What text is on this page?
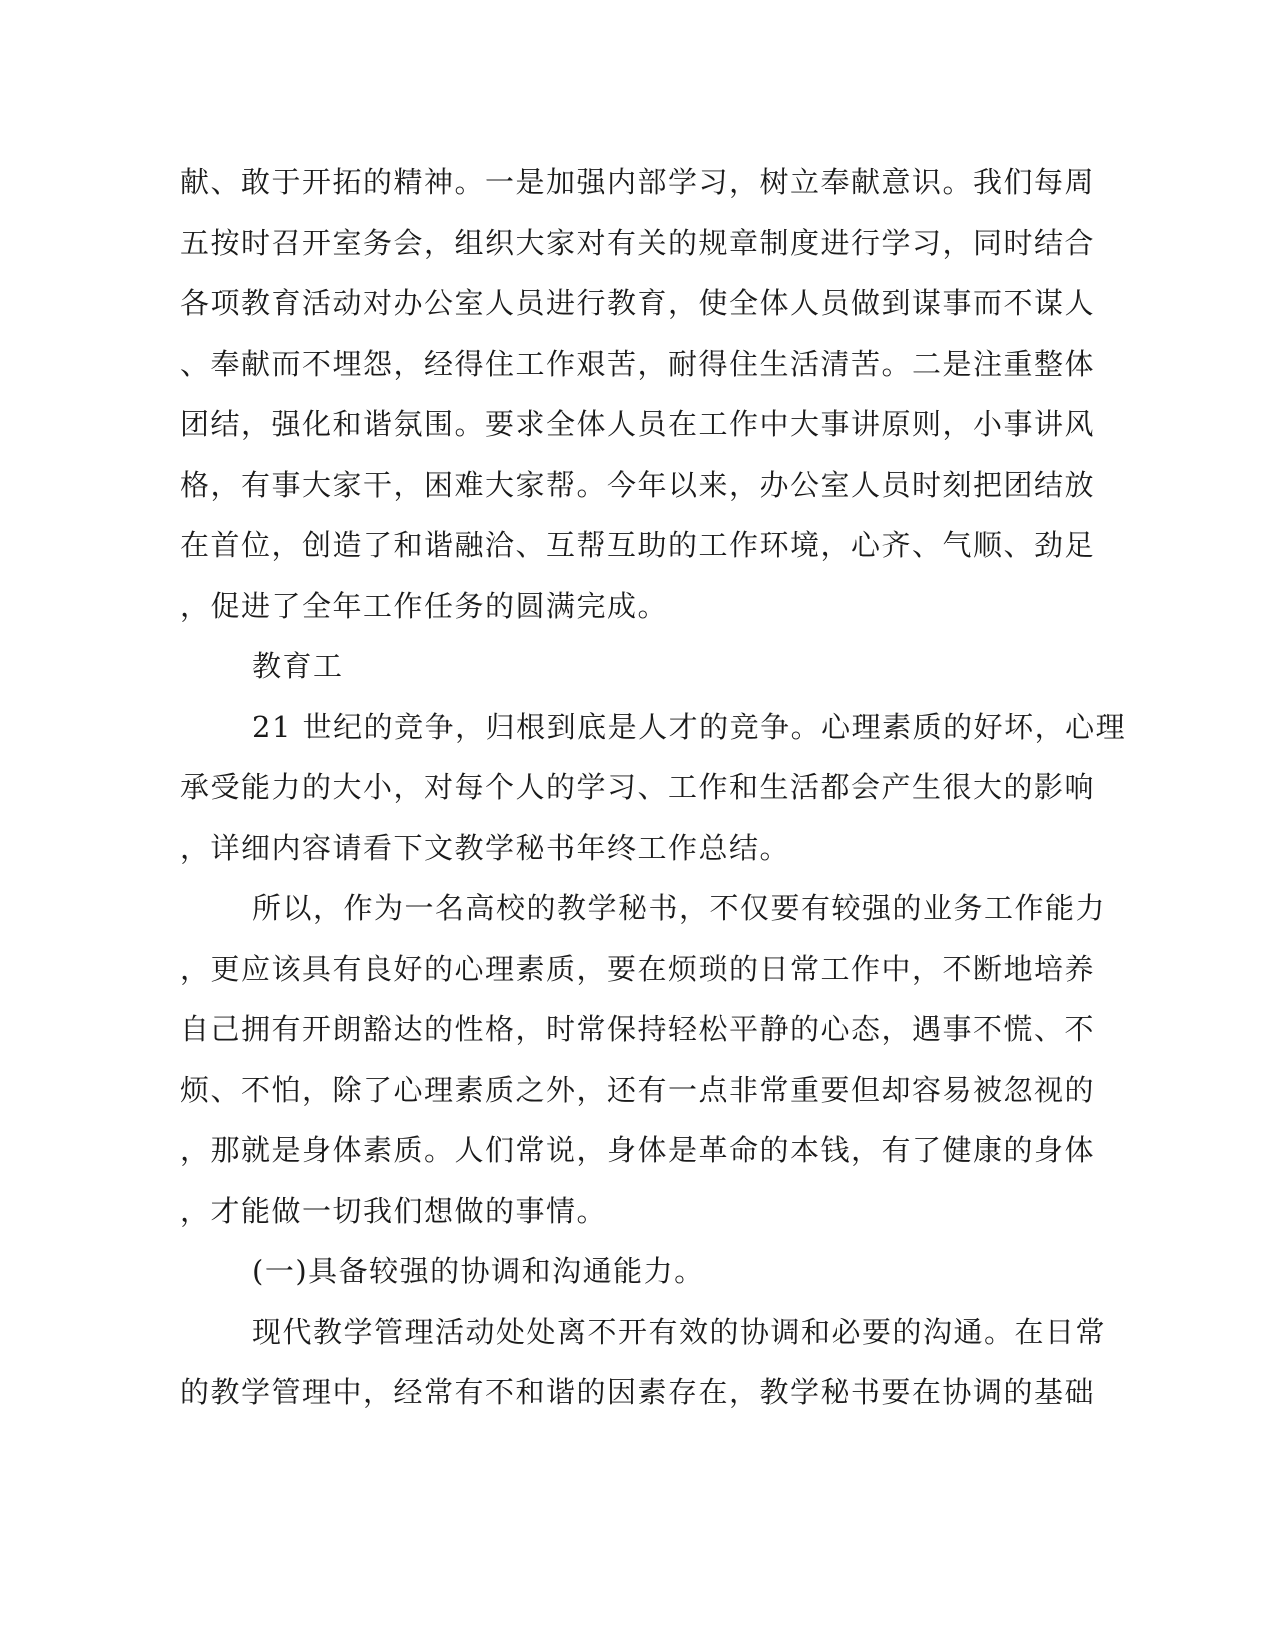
献、敢于开拓的精神。一是加强内部学习，树立奉献意识。我们每周
五按时召开室务会，组织大家对有关的规章制度进行学习，同时结合
各项教育活动对办公室人员进行教育，使全体人员做到谋事而不谋人
、奉献而不埋怨，经得住工作艰苦，耐得住生活清苦。二是注重整体
团结，强化和谐氛围。要求全体人员在工作中大事讲原则，小事讲风
格，有事大家干，困难大家帮。今年以来，办公室人员时刻把团结放
在首位，创造了和谐融洽、互帮互助的工作环境，心齐、气顺、劲足
，促进了全年工作任务的圆满完成。
教育工
21 世纪的竞争，归根到底是人才的竞争。心理素质的好坏，心理
承受能力的大小，对每个人的学习、工作和生活都会产生很大的影响
，详细内容请看下文教学秘书年终工作总结。
所以，作为一名高校的教学秘书，不仅要有较强的业务工作能力
，更应该具有良好的心理素质，要在烦琐的日常工作中，不断地培养
自己拥有开朗豁达的性格，时常保持轻松平静的心态，遇事不慌、不
烦、不怕，除了心理素质之外，还有一点非常重要但却容易被忽视的
，那就是身体素质。人们常说，身体是革命的本钱，有了健康的身体
，才能做一切我们想做的事情。
(一)具备较强的协调和沟通能力。
现代教学管理活动处处离不开有效的协调和必要的沟通。在日常
的教学管理中，经常有不和谐的因素存在，教学秘书要在协调的基础
